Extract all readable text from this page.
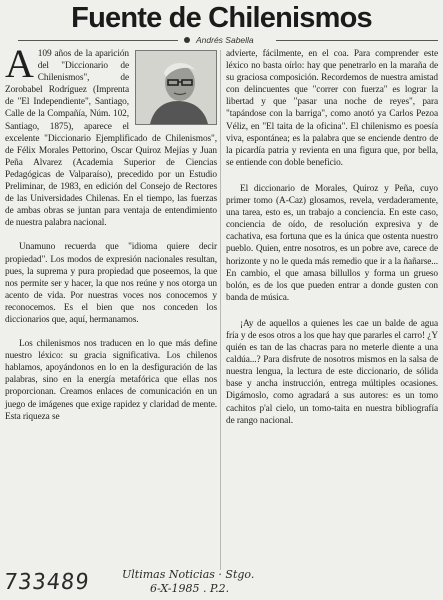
Fuente de Chilenismos
Andrés Sabella

A 109 años de la aparición del "Diccionario de Chilenismos", de Zorobabel Rodríguez (Imprenta de "El Independiente", Santiago, Calle de la Compañía, Núm. 102, Santiago, 1875), aparece el excelente "Diccionario Ejemplificado de Chilenismos", de Félix Morales Pettorino, Oscar Quiroz Mejías y Juan Peña Alvarez (Academia Superior de Ciencias Pedagógicas de Valparaíso), precedido por un Estudio Preliminar, de 1983, en edición del Consejo de Rectores de las Universidades Chilenas. En el tiempo, las fuerzas de ambas obras se juntan para ventaja de entendimiento de nuestra palabra nacional.

Unamuno recuerda que "idioma quiere decir propiedad". Los modos de expresión nacionales resultan, pues, la suprema y pura propiedad que poseemos, la que nos permite ser y hacer, la que nos reúne y nos otorga un acento de vida. Por nuestras voces nos conocemos y reconocemos. Es el bien que nos conceden los diccionarios que, aquí, hermanamos.

Los chilenismos nos traducen en lo que más define nuestro léxico: su gracia significativa. Los chilenos hablamos, apoyándonos en lo en la desfiguración de las palabras, sino en la energía metafórica que ellas nos proporcionan. Creamos enlaces de comunicación en un juego de imágenes que exige rapidez y claridad de mente. Esta riqueza se

advierte, fácilmente, en el coa. Para comprender este léxico no basta oírlo: hay que penetrarlo en la maraña de su graciosa composición. Recordemos de nuestra amistad con delincuentes que "correr con fuerza" es lograr la libertad y que "pasar una noche de reyes", para "tapándose con la barriga", como anotó ya Carlos Pezoa Véliz, en "El taita de la oficina". El chilenismo es poesía viva, espontánea; es la palabra que se enciende dentro de la picardía patria y revienta en una figura que, por bella, se entiende con doble beneficio.

El diccionario de Morales, Quiroz y Peña, cuyo primer tomo (A-Caz) glosamos, revela, verdaderamente, una tarea, esto es, un trabajo a conciencia. En este caso, conciencia de oído, de resolución expresiva y de cachativa, esa fortuna que es la única que ostenta nuestro pueblo. Quien, entre nosotros, es un pobre ave, carece de horizonte y no le queda más remedio que ir a la ñañarse... En cambio, el que amasa billullos y forma un grueso bolón, es de los que pueden entrar a donde gusten con banda de música.

¡Ay de aquellos a quienes les cae un balde de agua fría y de esos otros a los que hay que pararles el carro! ¿Y quién es tan de las chacras para no meterle diente a una caldúa...? Para disfrute de nosotros mismos en la salsa de nuestra lengua, la lectura de este diccionario, de sólida base y ancha instrucción, entrega múltiples ocasiones. Digámoslo, como agradará a sus autores: es un tomo cachitos p'al cielo, un tomo-taita en nuestra bibliografía de rango nacional.

733489	Ultimas Noticias · Stgo.
6-X-1985 . P.2.
